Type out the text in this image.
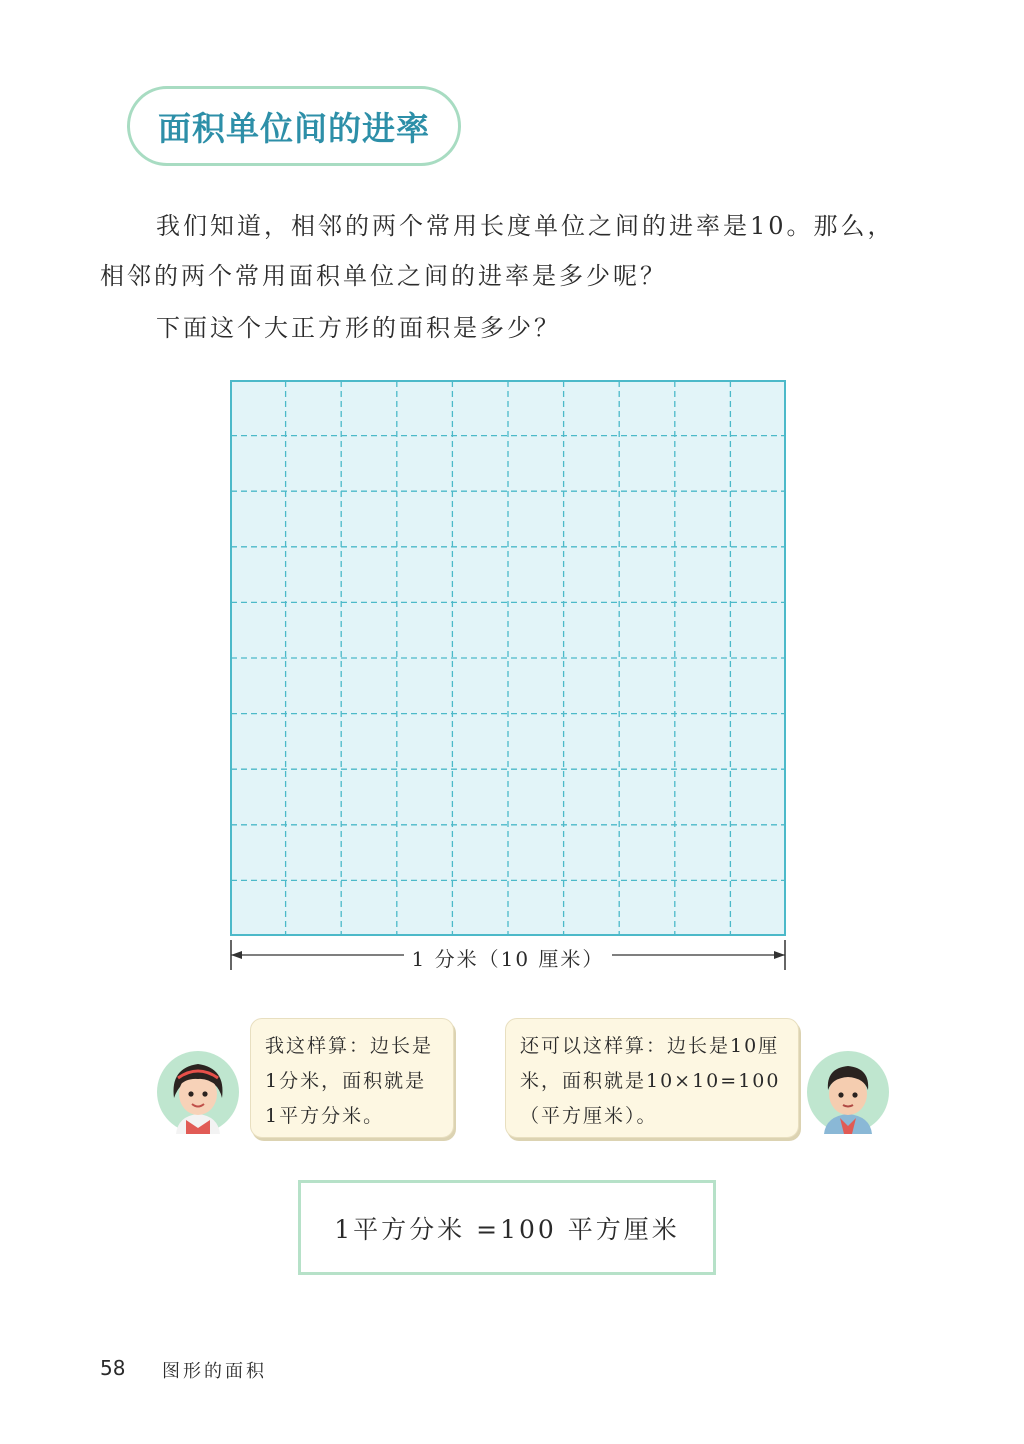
面积单位间的进率
我们知道，相邻的两个常用长度单位之间的进率是10。那么，
相邻的两个常用面积单位之间的进率是多少呢？
下面这个大正方形的面积是多少？
1 分米（10 厘米）
我这样算：边长是
1分米，面积就是
1平方分米。
还可以这样算：边长是10厘
米，面积就是10×10=100
（平方厘米）。
1平方分米 =100 平方厘米
58 图形的面积
